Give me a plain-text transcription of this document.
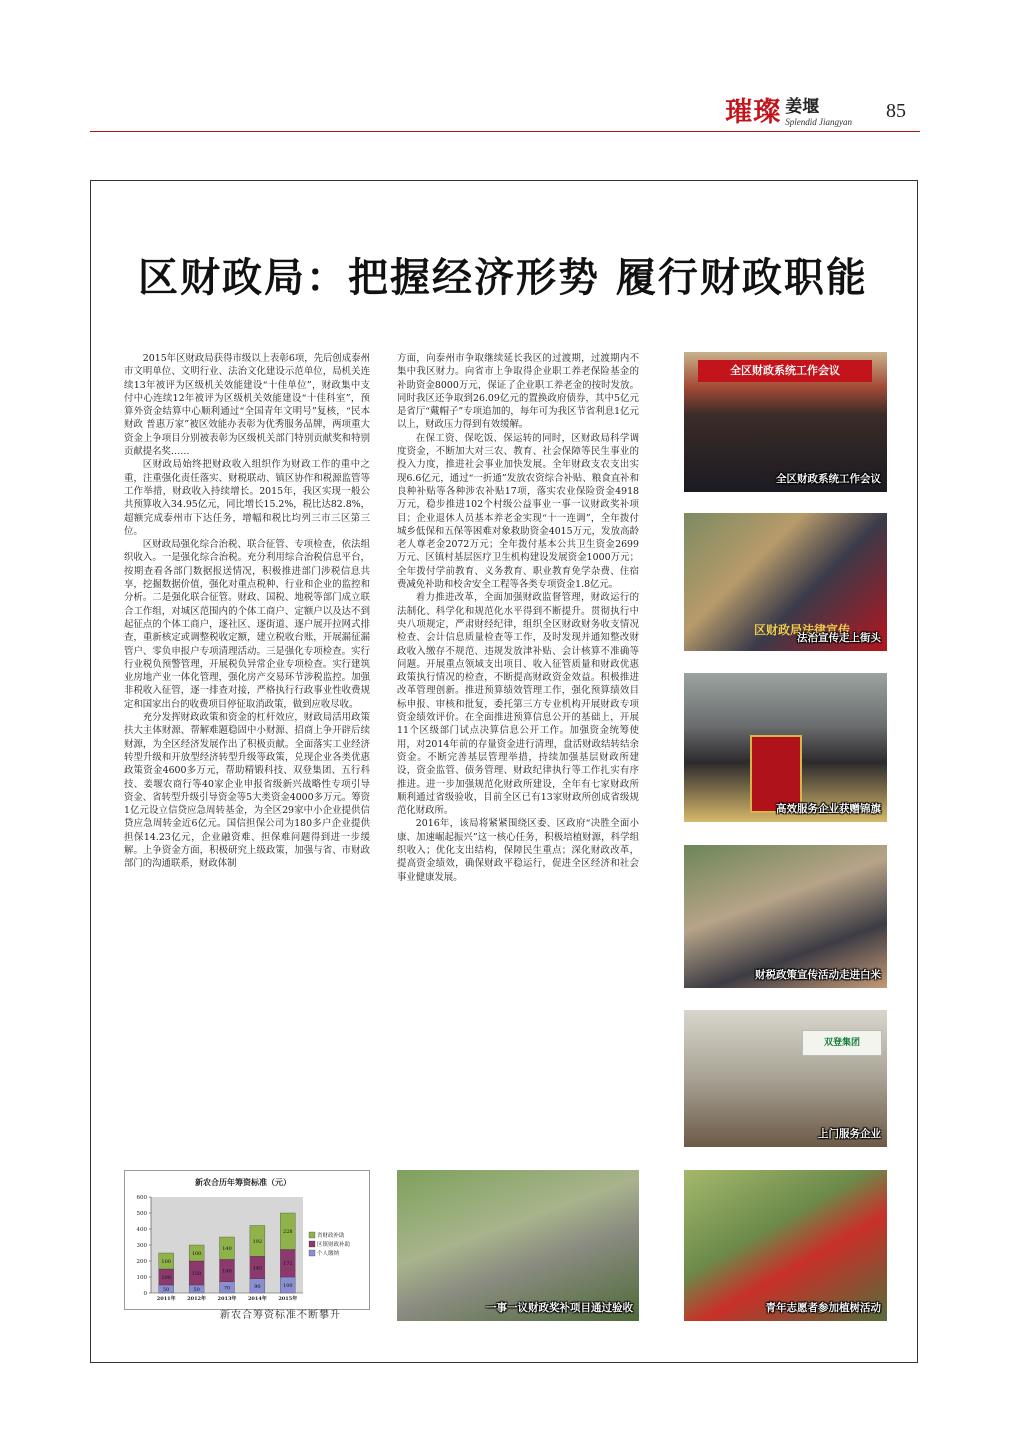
璀璨 姜堰
Splendid Jiangyan 85
区财政局：把握经济形势 履行财政职能

2015年区财政局获得市级以上表彰6项，先后创成泰州市文明单位、文明行业、法治文化建设示范单位，局机关连续13年被评为区级机关效能建设“十佳单位”，财政集中支付中心连续12年被评为区级机关效能建设“十佳科室”，预算外资金结算中心顺利通过“全国青年文明号”复核，“民本财政 普惠万家”被区效能办表彰为优秀服务品牌，两项重大资金上争项目分别被表彰为区级机关部门特别贡献奖和特别贡献提名奖……

区财政局始终把财政收入组织作为财政工作的重中之重，注重强化责任落实、财税联动、镇区协作和税源监管等工作举措，财政收入持续增长。2015年，我区实现一般公共预算收入34.95亿元，同比增长15.2%，税比达82.8%，超额完成泰州市下达任务，增幅和税比均列三市三区第三位。

区财政局强化综合治税、联合征管、专项检查，依法组织收入。一是强化综合治税。充分利用综合治税信息平台，按期查看各部门数据报送情况，积极推进部门涉税信息共享，挖掘数据价值，强化对重点税种、行业和企业的监控和分析。二是强化联合征管。财政、国税、地税等部门成立联合工作组，对城区范围内的个体工商户、定额户以及达不到起征点的个体工商户，逐社区、逐街道、逐户展开拉网式排查，重新核定或调整税收定额，建立税收台账，开展漏征漏管户、零负申报户专项清理活动。三是强化专项检查。实行行业税负预警管理，开展税负异常企业专项检查。实行建筑业房地产业一体化管理，强化房产交易环节涉税监控。加强非税收入征管，逐一排查对接，严格执行行政事业性收费规定和国家出台的收费项目停征取消政策，做到应收尽收。

充分发挥财政政策和资金的杠杆效应，财政局活用政策扶大主体财源、帮解难题稳固中小财源、招商上争开辟后续财源，为全区经济发展作出了积极贡献。全面落实工业经济转型升级和开放型经济转型升级等政策，兑现企业各类优惠政策资金4600多万元，帮助精锻科技、双登集团、五行科技、姜堰农商行等40家企业申报省级新兴战略性专项引导资金、省转型升级引导资金等5大类资金4000多万元。筹资1亿元设立信贷应急周转基金，为全区29家中小企业提供信贷应急周转金近6亿元。国信担保公司为180多户企业提供担保14.23亿元，企业融资难、担保难问题得到进一步缓解。上争资金方面，积极研究上级政策，加强与省、市财政部门的沟通联系，财政体制

方面，向泰州市争取继续延长我区的过渡期，过渡期内不集中我区财力。向省市上争取得企业职工养老保险基金的补助资金8000万元，保证了企业职工养老金的按时发放。同时我区还争取到26.09亿元的置换政府债券，其中5亿元是省厅“戴帽子”专项追加的，每年可为我区节省利息1亿元以上，财政压力得到有效缓解。

在保工资、保吃饭、保运转的同时，区财政局科学调度资金，不断加大对三农、教育、社会保障等民生事业的投入力度，推进社会事业加快发展。全年财政支农支出实现6.6亿元，通过“一折通”发放农资综合补贴、粮食直补和良种补贴等各种涉农补贴17项，落实农业保险资金4918万元，稳步推进102个村级公益事业一事一议财政奖补项目；企业退休人员基本养老金实现“十一连调”，全年拨付城乡低保和五保等困难对象救助资金4015万元，发放高龄老人尊老金2072万元；全年拨付基本公共卫生资金2699万元、区镇村基层医疗卫生机构建设发展资金1000万元；全年拨付学前教育、义务教育、职业教育免学杂费、住宿费减免补助和校舍安全工程等各类专项资金1.8亿元。

着力推进改革，全面加强财政监督管理，财政运行的法制化、科学化和规范化水平得到不断提升。贯彻执行中央八项规定，严肃财经纪律，组织全区财政财务收支情况检查、会计信息质量检查等工作，及时发现并通知整改财政收入缴存不规范、违规发放津补贴、会计核算不准确等问题。开展重点领域支出项目、收入征管质量和财政优惠政策执行情况的检查，不断提高财政资金效益。积极推进改革管理创新。推进预算绩效管理工作，强化预算绩效目标申报、审核和批复，委托第三方专业机构开展财政专项资金绩效评价。在全面推进预算信息公开的基础上，开展11个区级部门试点决算信息公开工作。加强资金统筹使用，对2014年前的存量资金进行清理，盘活财政结转结余资金。不断完善基层管理举措，持续加强基层财政所建设，资金监管、债务管理、财政纪律执行等工作扎实有序推进。进一步加强规范化财政所建设，全年有七家财政所顺利通过省级验收，目前全区已有13家财政所创成省级规范化财政所。

2016年，该局将紧紧围绕区委、区政府“决胜全面小康、加速崛起振兴”这一核心任务，积极培植财源，科学组织收入；优化支出结构，保障民生重点；深化财政改革，提高资金绩效，确保财政平稳运行，促进全区经济和社会事业健康发展。

全区财政系统工作会议
全区财政系统工作会议
区财政局法律宣传
法治宣传走上街头
高效服务企业获赠锦旗
财税政策宣传活动走进白米
双登集团
上门服务企业
一事一议财政奖补项目通过验收	青年志愿者参加植树活动
新农合历年筹资标准（元）
0
100
200
300
400
500
600
50
100
100
2011年
50
150
100
2012年
70
140
140
2013年
90
140
192
2014年
100
172
228
2015年
省财政补助
区镇财政补助
个人缴纳
新农合筹资标准不断攀升
